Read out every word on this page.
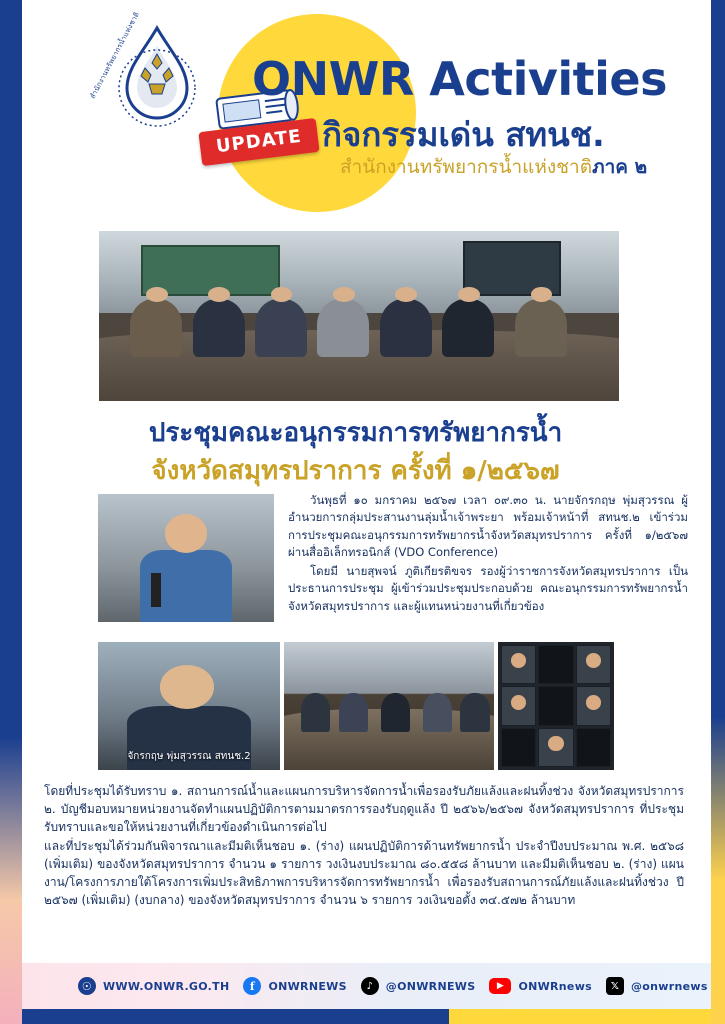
สำนักงานทรัพยากรน้ำแห่งชาติ ONWR Activities
กิจกรรมเด่น สทนช.
สำนักงานทรัพยากรน้ำแห่งชาติภาค ๒
UPDATE
ประชุมคณะอนุกรรมการทรัพยากรน้ำ
จังหวัดสมุทรปราการ ครั้งที่ ๑/๒๕๖๗

วันพุธที่ ๑๐ มกราคม ๒๕๖๗ เวลา ๐๙.๓๐ น. นายจักรกฤษ พุ่มสุวรรณ ผู้อำนวยการกลุ่มประสานงานลุ่มน้ำเจ้าพระยา พร้อมเจ้าหน้าที่ สทนช.๒ เข้าร่วมการประชุมคณะอนุกรรมการทรัพยากรน้ำจังหวัดสมุทรปราการ ครั้งที่ ๑/๒๕๖๗ ผ่านสื่ออิเล็กทรอนิกส์ (VDO Conference)

โดยมี นายสุพจน์ ภูติเกียรติขจร รองผู้ว่าราชการจังหวัดสมุทรปราการ เป็นประธานการประชุม ผู้เข้าร่วมประชุมประกอบด้วย คณะอนุกรรมการทรัพยากรน้ำจังหวัดสมุทรปราการ และผู้แทนหน่วยงานที่เกี่ยวข้อง

จักรกฤษ พุ่มสุวรรณ สทนช.2

โดยที่ประชุมได้รับทราบ ๑. สถานการณ์น้ำและแผนการบริหารจัดการน้ำเพื่อรองรับภัยแล้งและฝนทิ้งช่วง จังหวัดสมุทรปราการ ๒. บัญชีมอบหมายหน่วยงานจัดทำแผนปฏิบัติการตามมาตรการรองรับฤดูแล้ง ปี ๒๕๖๖/๒๕๖๗ จังหวัดสมุทรปราการ ที่ประชุมรับทราบและขอให้หน่วยงานที่เกี่ยวข้องดำเนินการต่อไป

และที่ประชุมได้ร่วมกันพิจารณาและมีมติเห็นชอบ ๑. (ร่าง) แผนปฏิบัติการด้านทรัพยากรน้ำ ประจำปีงบประมาณ พ.ศ. ๒๕๖๘ (เพิ่มเติม) ของจังหวัดสมุทรปราการ จำนวน ๑ รายการ วงเงินงบประมาณ ๘๐.๕๕๘ ล้านบาท และมีมติเห็นชอบ ๒. (ร่าง) แผนงาน/โครงการภายใต้โครงการเพิ่มประสิทธิภาพการบริหารจัดการทรัพยากรน้ำ เพื่อรองรับสถานการณ์ภัยแล้งและฝนทิ้งช่วง ปี ๒๕๖๗ (เพิ่มเติม) (งบกลาง) ของจังหวัดสมุทรปราการ จำนวน ๖ รายการ วงเงินขอตั้ง ๓๔.๕๗๒ ล้านบาท

☉ WWW.ONWR.GO.TH	f	ONWRNEWS	♪	@ONWRNEWS	▶	ONWRnews	𝕏	@onwrnews
